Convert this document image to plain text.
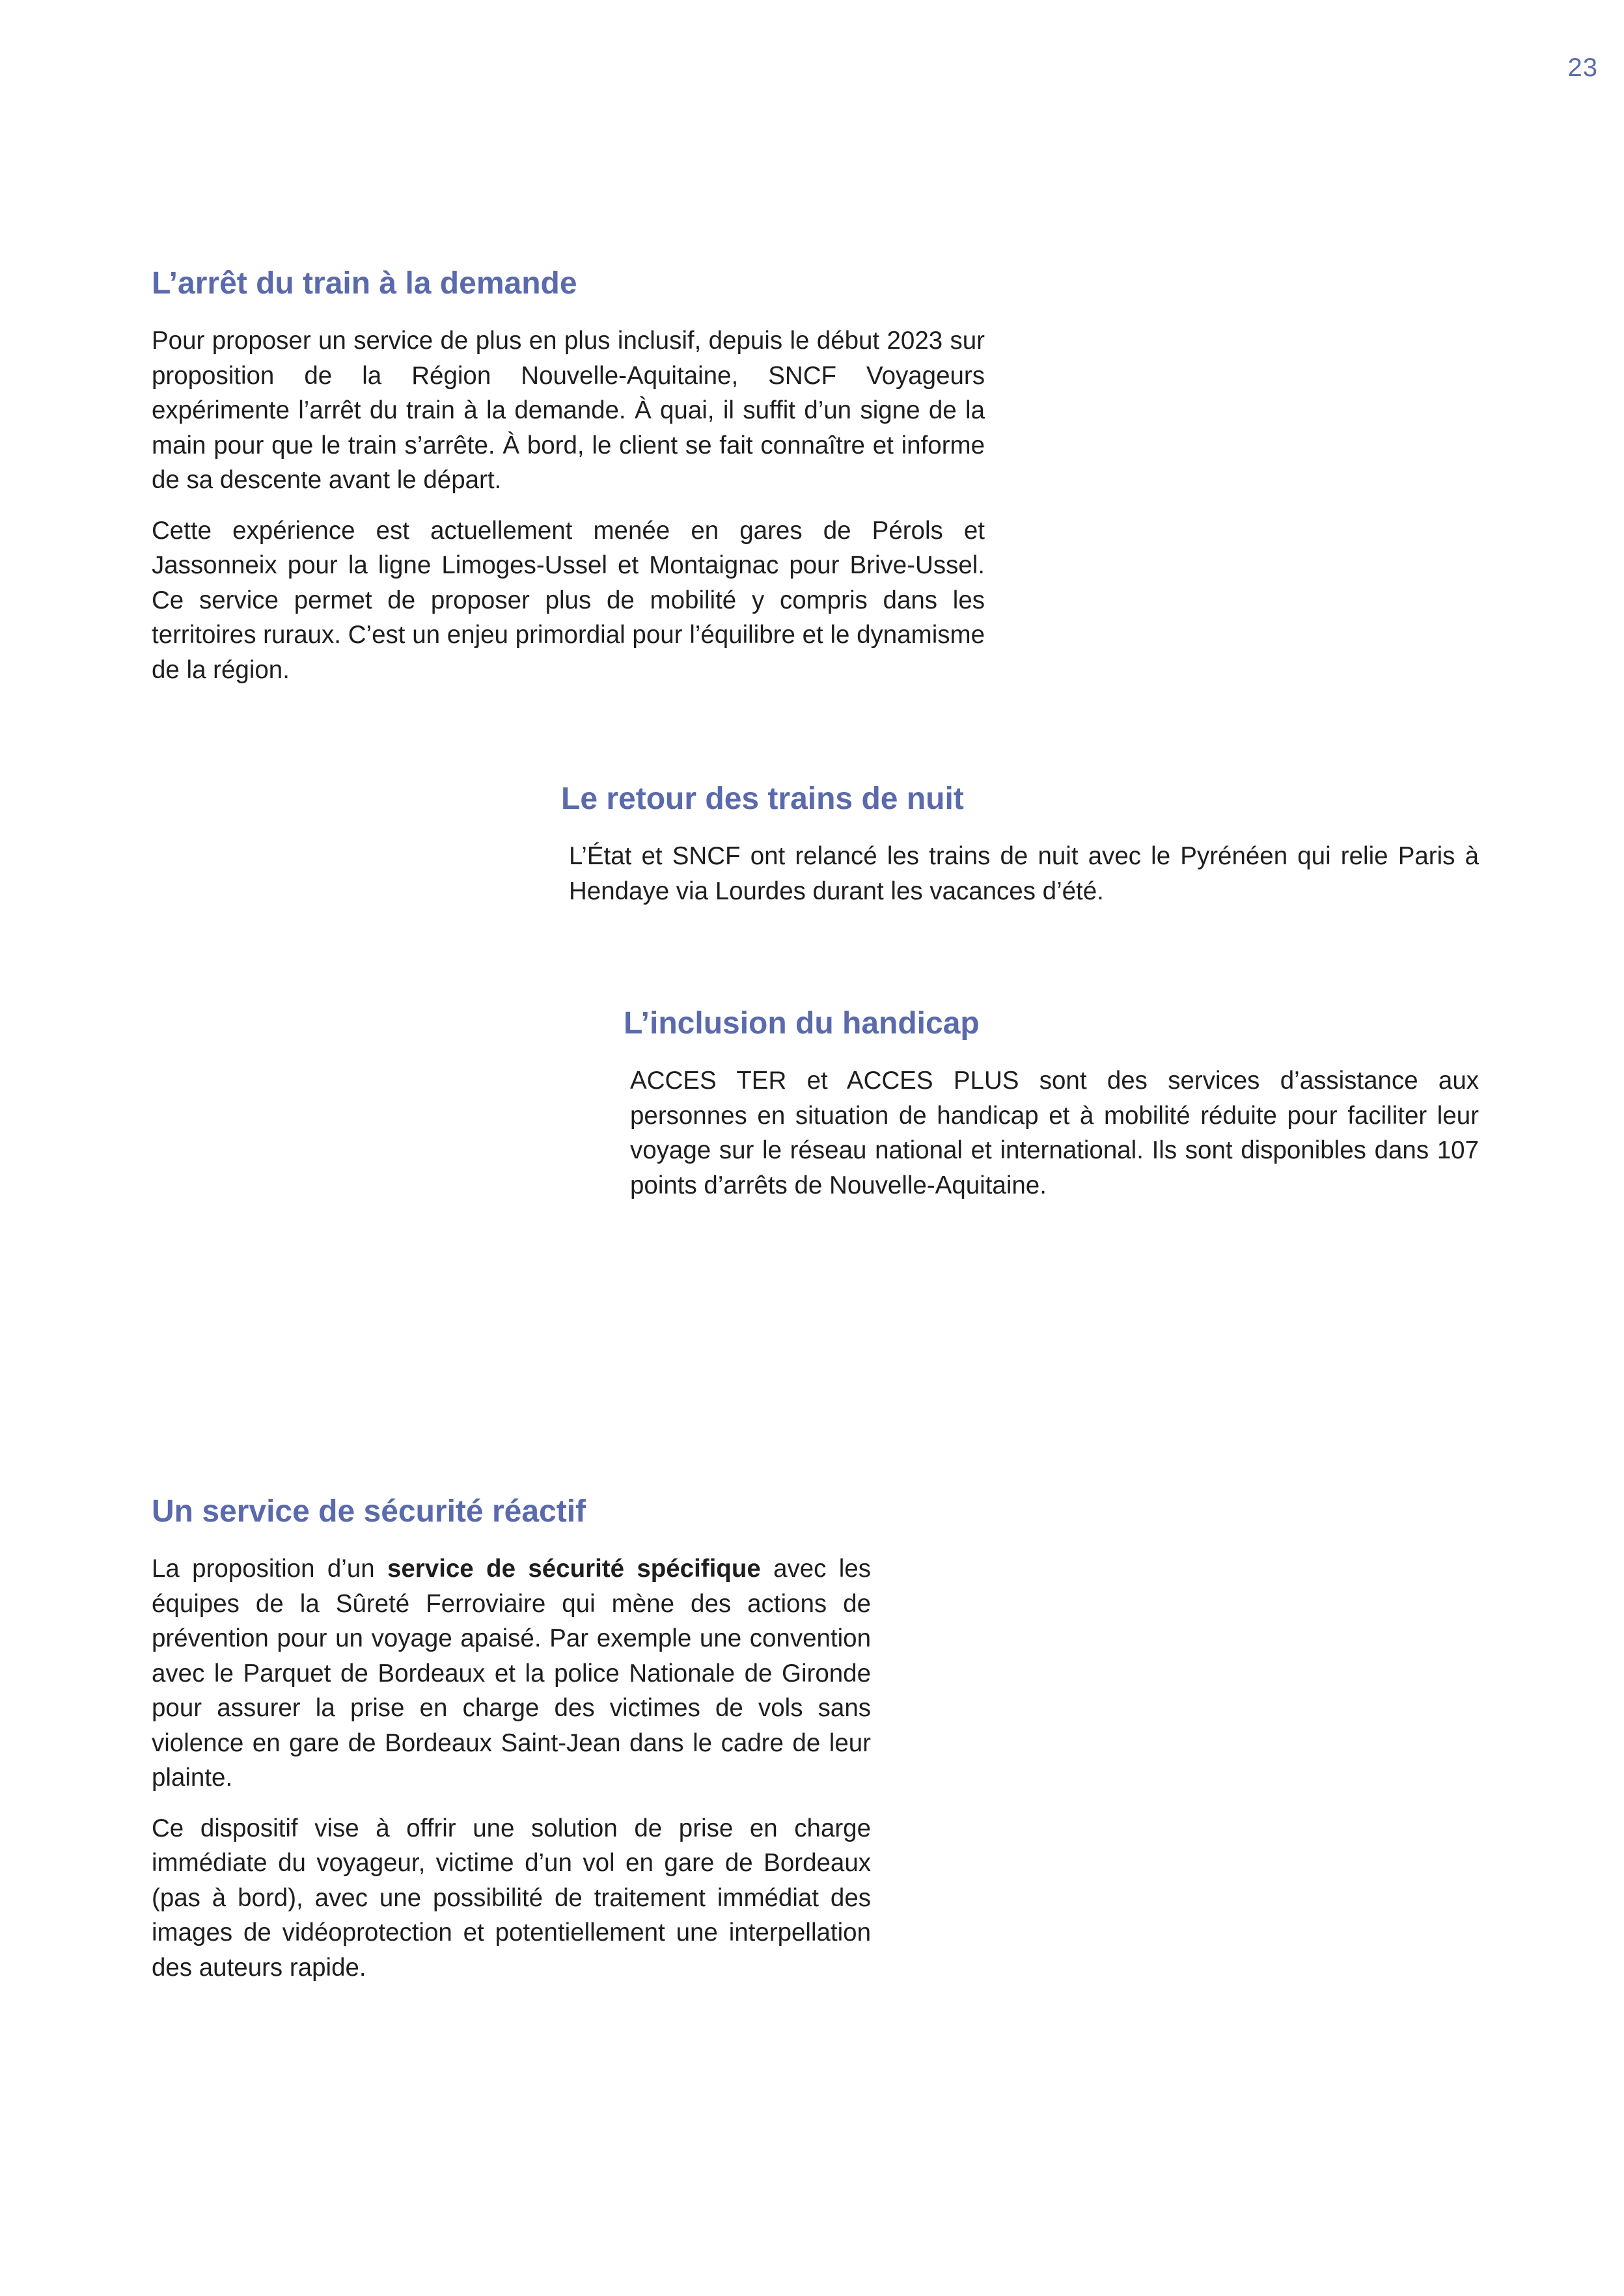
23
L’arrêt du train à la demande

Pour proposer un service de plus en plus inclusif, depuis le début 2023 sur proposition de la Région Nouvelle-Aquitaine, SNCF Voyageurs expérimente l’arrêt du train à la demande. À quai, il suffit d’un signe de la main pour que le train s’arrête. À bord, le client se fait connaître et informe de sa descente avant le départ.

Cette expérience est actuellement menée en gares de Pérols et Jassonneix pour la ligne Limoges-Ussel et Montaignac pour Brive-Ussel. Ce service permet de proposer plus de mobilité y compris dans les territoires ruraux. C’est un enjeu primordial pour l’équilibre et le dynamisme de la région.

Le retour des trains de nuit

L’État et SNCF ont relancé les trains de nuit avec le Pyrénéen qui relie Paris à Hendaye via Lourdes durant les vacances d’été.

L’inclusion du handicap

ACCES TER et ACCES PLUS sont des services d’assistance aux personnes en situation de handicap et à mobilité réduite pour faciliter leur voyage sur le réseau national et international. Ils sont disponibles dans 107 points d’arrêts de Nouvelle-Aquitaine.

Un service de sécurité réactif

La proposition d’un service de sécurité spécifique avec les équipes de la Sûreté Ferroviaire qui mène des actions de prévention pour un voyage apaisé. Par exemple une convention avec le Parquet de Bordeaux et la police Nationale de Gironde pour assurer la prise en charge des victimes de vols sans violence en gare de Bordeaux Saint-Jean dans le cadre de leur plainte.

Ce dispositif vise à offrir une solution de prise en charge immédiate du voyageur, victime d’un vol en gare de Bordeaux (pas à bord), avec une possibilité de traitement immédiat des images de vidéoprotection et potentiellement une interpellation des auteurs rapide.
